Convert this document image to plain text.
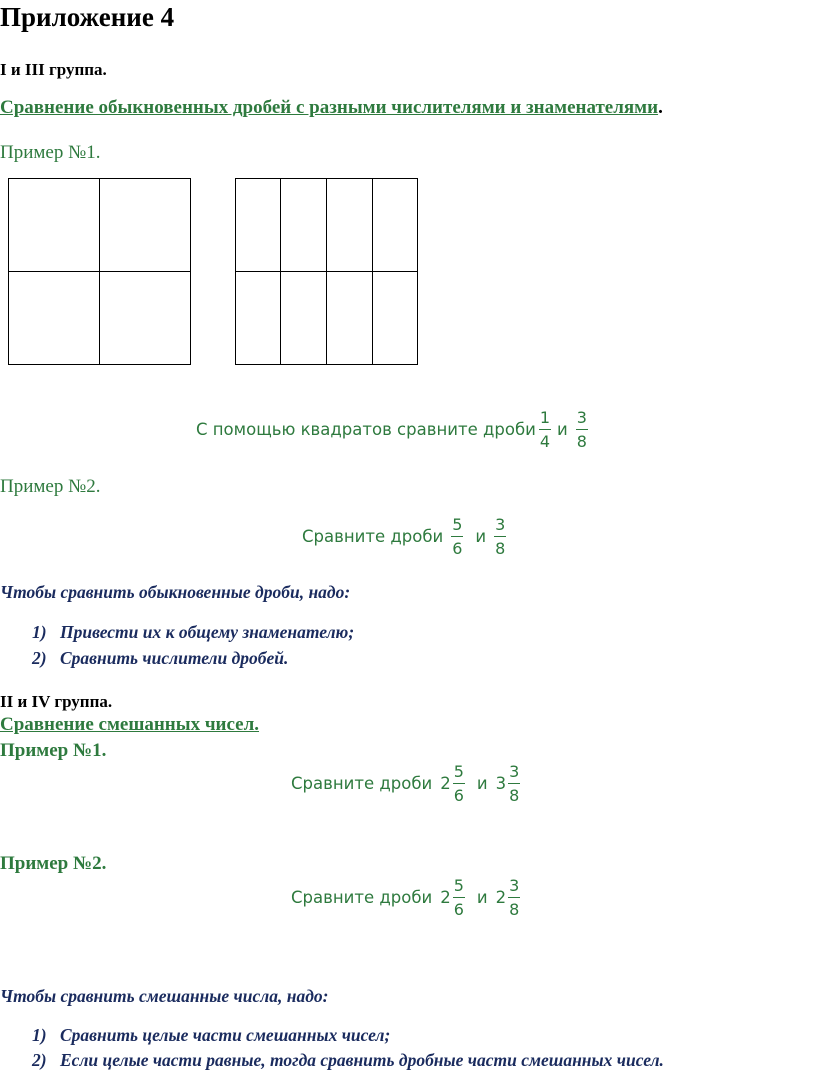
Приложение 4
I и III группа.
Сравнение обыкновенных дробей с разными числителями и знаменателями.
Пример №1.
С помощью квадратов сравните дроби $\frac{1}{4}$ и $\frac{3}{8}$
Пример №2.
Сравните дроби $\frac{5}{6}$ и $\frac{3}{8}$
Чтобы сравнить обыкновенные дроби, надо:
1) Привести их к общему знаменателю;
2) Сравнить числители дробей.
II и IV группа.
Сравнение смешанных чисел.
Пример №1.
Сравните дроби $2 \frac{5}{6}$ и $3 \frac{3}{8}$
Пример №2.
Сравните дроби $2 \frac{5}{6}$ и $2 \frac{3}{8}$
Чтобы сравнить смешанные числа, надо:
1) Сравнить целые части смешанных чисел;
2) Если целые части равные, тогда сравнить дробные части смешанных чисел.
